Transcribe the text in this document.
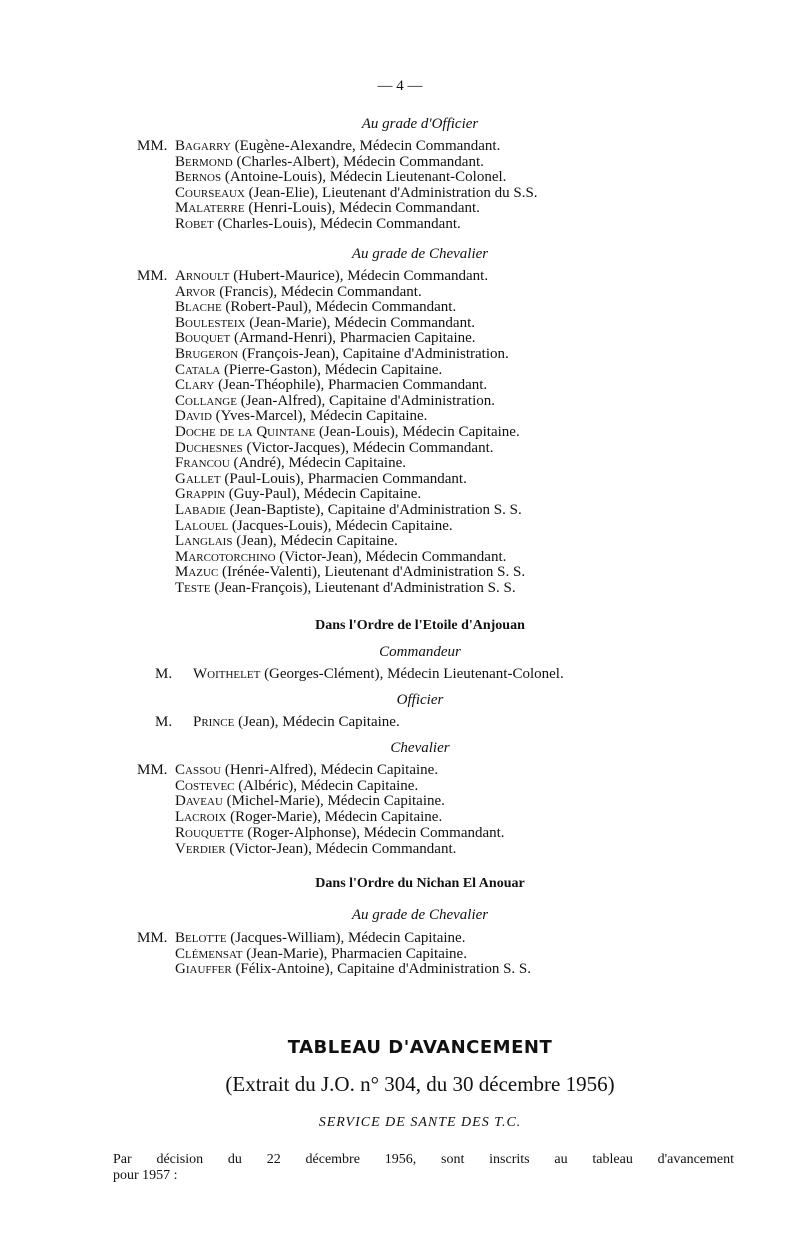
— 4 —
Au grade d'Officier
MM. Bagarry (Eugène-Alexandre, Médecin Commandant.
Bermond (Charles-Albert), Médecin Commandant.
Bernos (Antoine-Louis), Médecin Lieutenant-Colonel.
Courseaux (Jean-Elie), Lieutenant d'Administration du S.S.
Malaterre (Henri-Louis), Médecin Commandant.
Robet (Charles-Louis), Médecin Commandant.
Au grade de Chevalier
MM. Arnoult (Hubert-Maurice), Médecin Commandant.
Arvor (Francis), Médecin Commandant.
Blache (Robert-Paul), Médecin Commandant.
Boulesteix (Jean-Marie), Médecin Commandant.
Bouquet (Armand-Henri), Pharmacien Capitaine.
Brugeron (François-Jean), Capitaine d'Administration.
Catala (Pierre-Gaston), Médecin Capitaine.
Clary (Jean-Théophile), Pharmacien Commandant.
Collange (Jean-Alfred), Capitaine d'Administration.
David (Yves-Marcel), Médecin Capitaine.
Doche de la Quintane (Jean-Louis), Médecin Capitaine.
Duchesnes (Victor-Jacques), Médecin Commandant.
Francou (André), Médecin Capitaine.
Gallet (Paul-Louis), Pharmacien Commandant.
Grappin (Guy-Paul), Médecin Capitaine.
Labadie (Jean-Baptiste), Capitaine d'Administration S. S.
Lalouel (Jacques-Louis), Médecin Capitaine.
Langlais (Jean), Médecin Capitaine.
Marcotorchino (Victor-Jean), Médecin Commandant.
Mazuc (Irénée-Valenti), Lieutenant d'Administration S. S.
Teste (Jean-François), Lieutenant d'Administration S. S.
Dans l'Ordre de l'Etoile d'Anjouan
Commandeur
M. Woithelet (Georges-Clément), Médecin Lieutenant-Colonel.
Officier
M. Prince (Jean), Médecin Capitaine.
Chevalier
MM. Cassou (Henri-Alfred), Médecin Capitaine.
Costevec (Albéric), Médecin Capitaine.
Daveau (Michel-Marie), Médecin Capitaine.
Lacroix (Roger-Marie), Médecin Capitaine.
Rouquette (Roger-Alphonse), Médecin Commandant.
Verdier (Victor-Jean), Médecin Commandant.
Dans l'Ordre du Nichan El Anouar
Au grade de Chevalier
MM. Belotte (Jacques-William), Médecin Capitaine.
Clémensat (Jean-Marie), Pharmacien Capitaine.
Giauffer (Félix-Antoine), Capitaine d'Administration S. S.
TABLEAU D'AVANCEMENT
(Extrait du J.O. n° 304, du 30 décembre 1956)
SERVICE DE SANTE DES T.C.
Par décision du 22 décembre 1956, sont inscrits au tableau d'avancement
pour 1957 :
